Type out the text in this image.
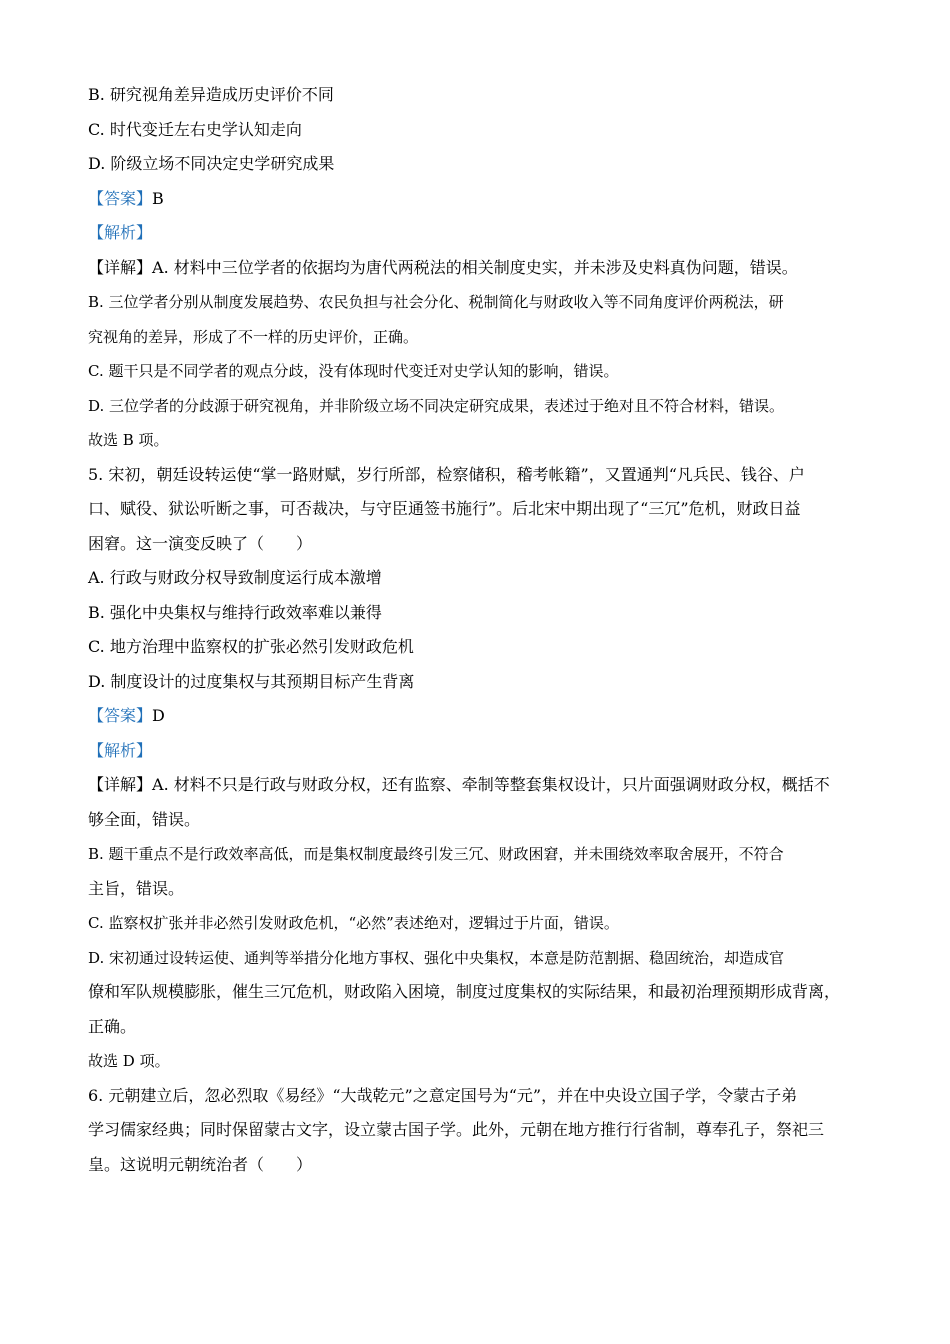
B. 研究视角差异造成历史评价不同

C. 时代变迁左右史学认知走向

D. 阶级立场不同决定史学研究成果

【答案】B

【解析】

【详解】A. 材料中三位学者的依据均为唐代两税法的相关制度史实，并未涉及史料真伪问题，错误。

B. 三位学者分别从制度发展趋势、农民负担与社会分化、税制简化与财政收入等不同角度评价两税法，研

究视角的差异，形成了不一样的历史评价，正确。

C. 题干只是不同学者的观点分歧，没有体现时代变迁对史学认知的影响，错误。

D. 三位学者的分歧源于研究视角，并非阶级立场不同决定研究成果，表述过于绝对且不符合材料，错误。

故选 B 项。

5. 宋初，朝廷设转运使“掌一路财赋，岁行所部，检察储积，稽考帐籍”，又置通判“凡兵民、钱谷、户

口、赋役、狱讼听断之事，可否裁决，与守臣通签书施行”。后北宋中期出现了“三冗”危机，财政日益

困窘。这一演变反映了（　　）

A. 行政与财政分权导致制度运行成本激增

B. 强化中央集权与维持行政效率难以兼得

C. 地方治理中监察权的扩张必然引发财政危机

D. 制度设计的过度集权与其预期目标产生背离

【答案】D

【解析】

【详解】A. 材料不只是行政与财政分权，还有监察、牵制等整套集权设计，只片面强调财政分权，概括不

够全面，错误。

B. 题干重点不是行政效率高低，而是集权制度最终引发三冗、财政困窘，并未围绕效率取舍展开，不符合

主旨，错误。

C. 监察权扩张并非必然引发财政危机，“必然”表述绝对，逻辑过于片面，错误。

D. 宋初通过设转运使、通判等举措分化地方事权、强化中央集权，本意是防范割据、稳固统治，却造成官

僚和军队规模膨胀，催生三冗危机，财政陷入困境，制度过度集权的实际结果，和最初治理预期形成背离，

正确。

故选 D 项。

6. 元朝建立后，忽必烈取《易经》“大哉乾元”之意定国号为“元”，并在中央设立国子学，令蒙古子弟

学习儒家经典；同时保留蒙古文字，设立蒙古国子学。此外，元朝在地方推行行省制，尊奉孔子，祭祀三

皇。这说明元朝统治者（　　）
